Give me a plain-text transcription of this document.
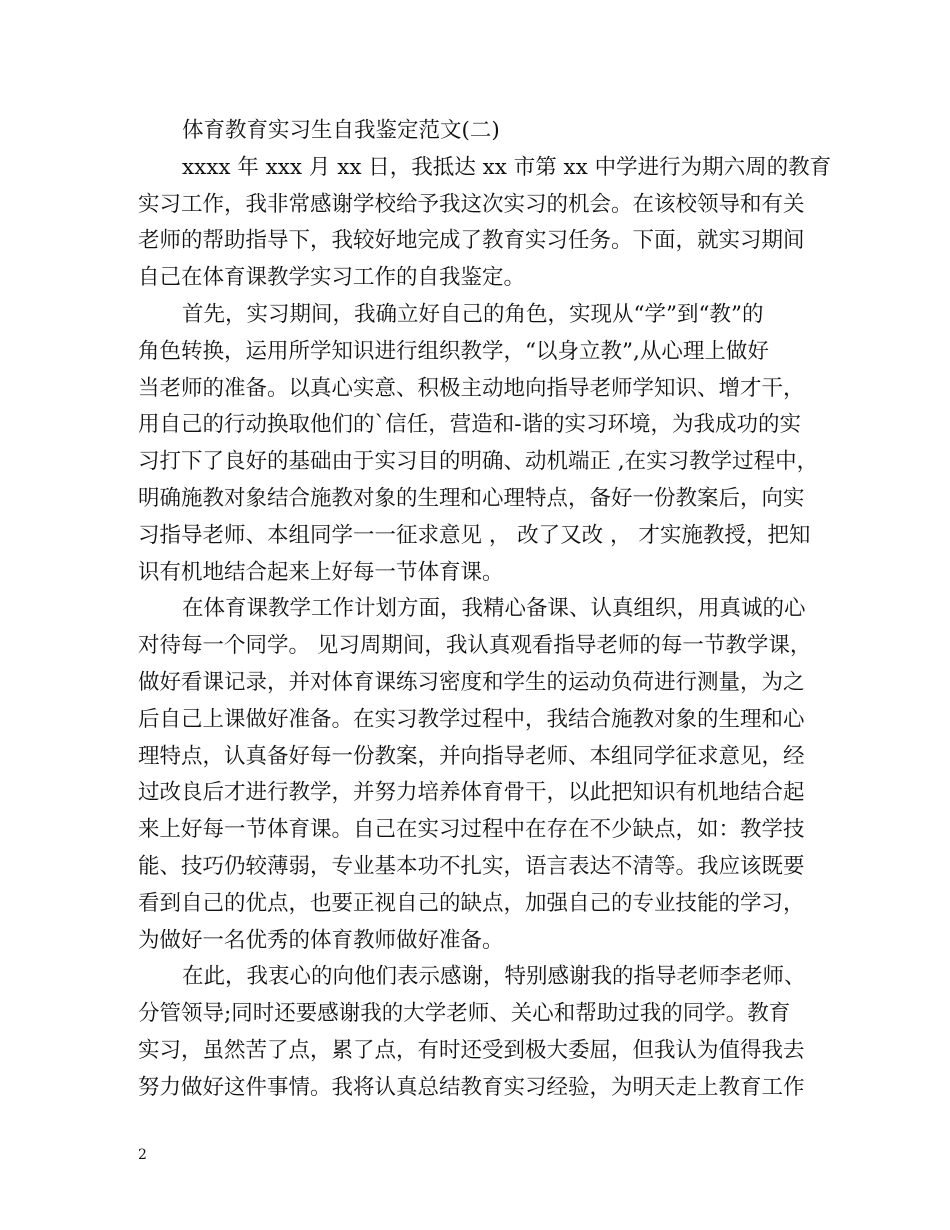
体育教育实习生自我鉴定范文(二)
xxxx 年 xxx 月 xx 日，我抵达 xx 市第 xx 中学进行为期六周的教育
实习工作，我非常感谢学校给予我这次实习的机会。在该校领导和有关
老师的帮助指导下，我较好地完成了教育实习任务。下面，就实习期间
自己在体育课教学实习工作的自我鉴定。
首先，实习期间，我确立好自己的角色，实现从“学”到“教”的
角色转换，运用所学知识进行组织教学，“以身立教”,从心理上做好
当老师的准备。以真心实意、积极主动地向指导老师学知识、增才干，
用自己的行动换取他们的`信任，营造和-谐的实习环境，为我成功的实
习打下了良好的基础由于实习目的明确、动机端正 ,在实习教学过程中，
明确施教对象结合施教对象的生理和心理特点，备好一份教案后，向实
习指导老师、本组同学一一征求意见 ， 改了又改 ， 才实施教授，把知
识有机地结合起来上好每一节体育课。
在体育课教学工作计划方面，我精心备课、认真组织，用真诚的心
对待每一个同学。 见习周期间，我认真观看指导老师的每一节教学课，
做好看课记录，并对体育课练习密度和学生的运动负荷进行测量，为之
后自己上课做好准备。在实习教学过程中，我结合施教对象的生理和心
理特点，认真备好每一份教案，并向指导老师、本组同学征求意见，经
过改良后才进行教学，并努力培养体育骨干，以此把知识有机地结合起
来上好每一节体育课。自己在实习过程中在存在不少缺点，如：教学技
能、技巧仍较薄弱，专业基本功不扎实，语言表达不清等。我应该既要
看到自己的优点，也要正视自己的缺点，加强自己的专业技能的学习，
为做好一名优秀的体育教师做好准备。
在此，我衷心的向他们表示感谢，特别感谢我的指导老师李老师、
分管领导;同时还要感谢我的大学老师、关心和帮助过我的同学。教育
实习，虽然苦了点，累了点，有时还受到极大委屈，但我认为值得我去
努力做好这件事情。我将认真总结教育实习经验，为明天走上教育工作
2
